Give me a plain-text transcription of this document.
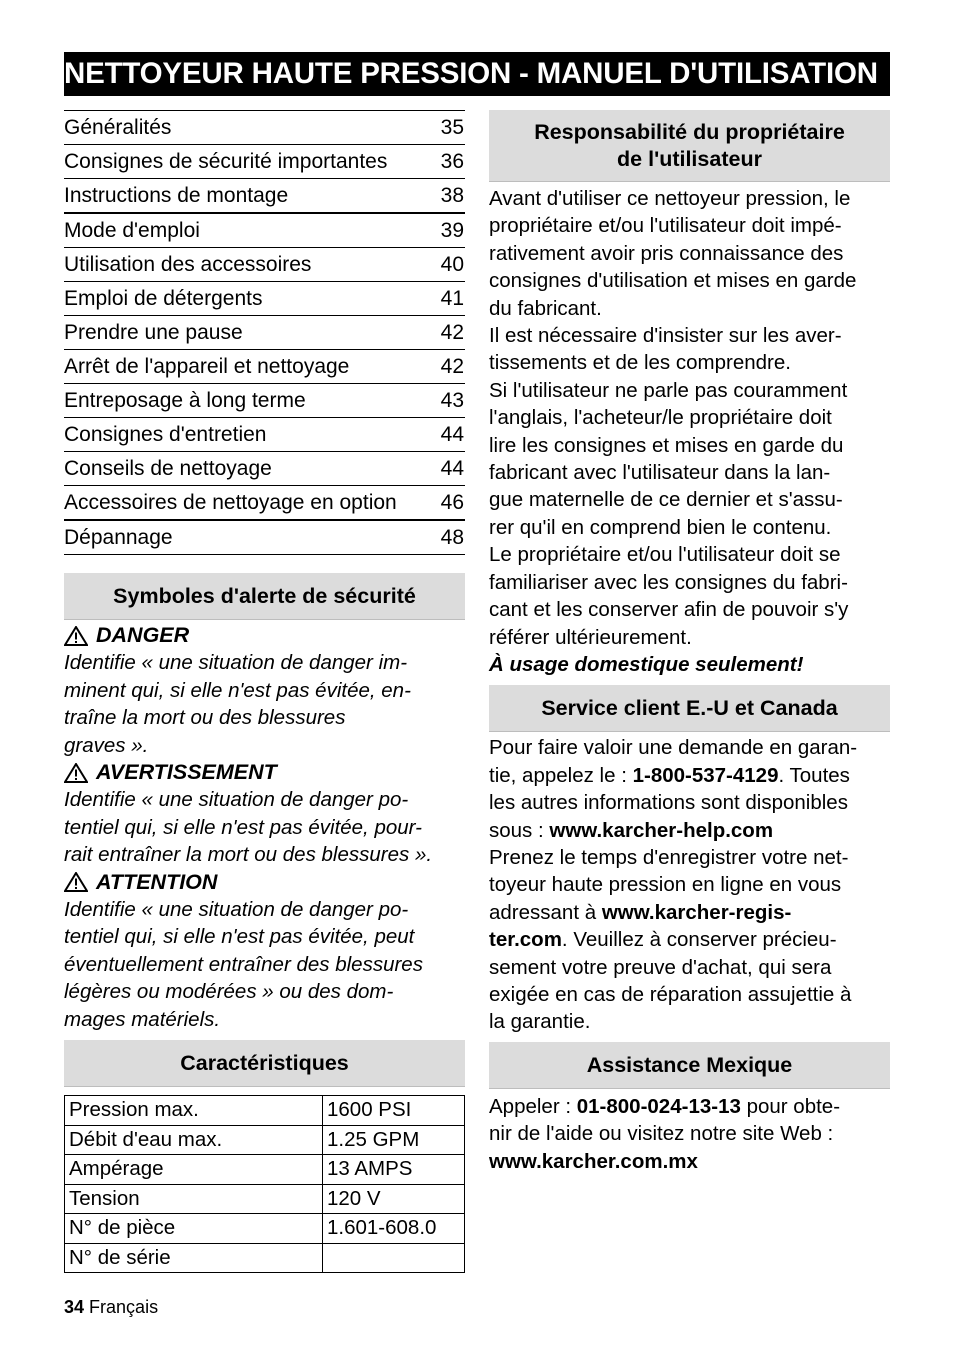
NETTOYEUR HAUTE PRESSION - MANUEL D'UTILISATION
Généralités	35
Consignes de sécurité importantes	36
Instructions de montage	38
Mode d'emploi	39
Utilisation des accessoires	40
Emploi de détergents	41
Prendre une pause	42
Arrêt de l'appareil et nettoyage	42
Entreposage à long terme	43
Consignes d'entretien	44
Conseils de nettoyage	44
Accessoires de nettoyage en option 46
Dépannage	48
Symboles d'alerte de sécurité
DANGER
Identifie « une situation de danger im-
minent qui, si elle n'est pas évitée, en-
traîne la mort ou des blessures
graves ».
AVERTISSEMENT
Identifie « une situation de danger po-
tentiel qui, si elle n'est pas évitée, pour-
rait entraîner la mort ou des blessures ».
ATTENTION
Identifie « une situation de danger po-
tentiel qui, si elle n'est pas évitée, peut
éventuellement entraîner des blessures
légères ou modérées » ou des dom-
mages matériels.
Caractéristiques
Pression max.	1600 PSI
Débit d'eau max.	1.25 GPM
Ampérage	13 AMPS
Tension	120 V
N° de pièce	1.601-608.0
N° de série	
Responsabilité du propriétaire
de l'utilisateur
Avant d'utiliser ce nettoyeur pression, le
propriétaire et/ou l'utilisateur doit impé-
rativement avoir pris connaissance des
consignes d'utilisation et mises en garde
du fabricant.
Il est nécessaire d'insister sur les aver-
tissements et de les comprendre.
Si l'utilisateur ne parle pas couramment
l'anglais, l'acheteur/le propriétaire doit
lire les consignes et mises en garde du
fabricant avec l'utilisateur dans la lan-
gue maternelle de ce dernier et s'assu-
rer qu'il en comprend bien le contenu.
Le propriétaire et/ou l'utilisateur doit se
familiariser avec les consignes du fabri-
cant et les conserver afin de pouvoir s'y
référer ultérieurement.
À usage domestique seulement!
Service client E.-U et Canada
Pour faire valoir une demande en garan-
tie, appelez le : 1-800-537-4129. Toutes
les autres informations sont disponibles
sous : www.karcher-help.com
Prenez le temps d'enregistrer votre net-
toyeur haute pression en ligne en vous
adressant à www.karcher-regis-
ter.com. Veuillez à conserver précieu-
sement votre preuve d'achat, qui sera
exigée en cas de réparation assujettie à
la garantie.
Assistance Mexique
Appeler : 01-800-024-13-13 pour obte-
nir de l'aide ou visitez notre site Web :
www.karcher.com.mx
34 Français
